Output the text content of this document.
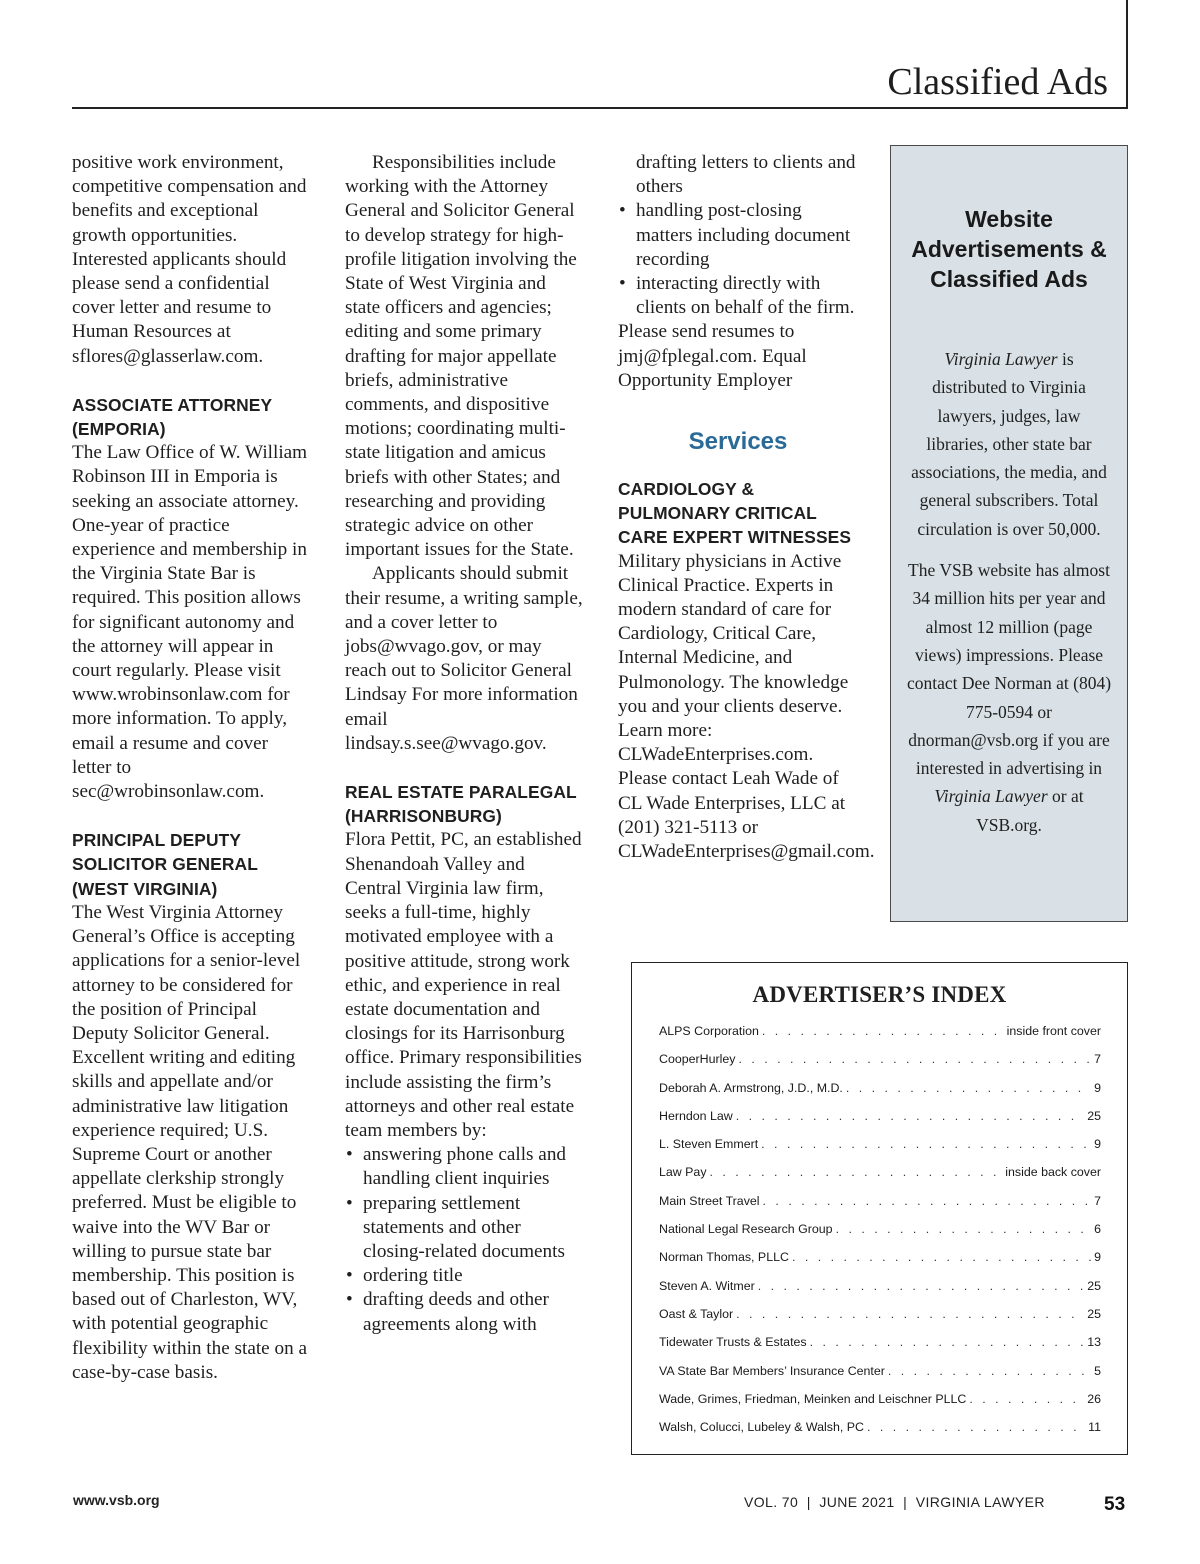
Classified Ads

positive work environment, competitive compensation and benefits and exceptional growth opportunities. Interested applicants should please send a confidential cover letter and resume to Human Resources at sflores@glasserlaw.com.

ASSOCIATE ATTORNEY (EMPORIA)

The Law Office of W. William Robinson III in Emporia is seeking an associate attorney. One-year of practice experience and membership in the Virginia State Bar is required. This position allows for significant autonomy and the attorney will appear in court regularly. Please visit www.wrobinsonlaw.com for more information. To apply, email a resume and cover letter to sec@wrobinsonlaw.com.

PRINCIPAL DEPUTY SOLICITOR GENERAL (WEST VIRGINIA)

The West Virginia Attorney General’s Office is accepting applications for a senior-level attorney to be considered for the position of Principal Deputy Solicitor General. Excellent writing and editing skills and appellate and/or administrative law litigation experience required; U.S. Supreme Court or another appellate clerkship strongly preferred. Must be eligible to waive into the WV Bar or willing to pursue state bar membership. This position is based out of Charleston, WV, with potential geographic flexibility within the state on a case-by-case basis.

Responsibilities include working with the Attorney General and Solicitor General to develop strategy for high-profile litigation involving the State of West Virginia and state officers and agencies; editing and some primary drafting for major appellate briefs, administrative comments, and dispositive motions; coordinating multi-state litigation and amicus briefs with other States; and researching and providing strategic advice on other important issues for the State.

Applicants should submit their resume, a writing sample, and a cover letter to jobs@wvago.gov, or may reach out to Solicitor General Lindsay For more information email lindsay.s.see@wvago.gov.

REAL ESTATE PARALEGAL (HARRISONBURG)

Flora Pettit, PC, an established Shenandoah Valley and Central Virginia law firm, seeks a full-time, highly motivated employee with a positive attitude, strong work ethic, and experience in real estate documentation and closings for its Harrisonburg office. Primary responsibilities include assisting the firm’s attorneys and other real estate team members by:

• answering phone calls and handling client inquiries
• preparing settlement statements and other closing-related documents
• ordering title
• drafting deeds and other agreements along with

drafting letters to clients and others

• handling post-closing matters including document recording
• interacting directly with clients on behalf of the firm.

Please send resumes to jmj@fplegal.com. Equal Opportunity Employer

Services

CARDIOLOGY & PULMONARY CRITICAL CARE EXPERT WITNESSES

Military physicians in Active Clinical Practice. Experts in modern standard of care for Cardiology, Critical Care, Internal Medicine, and Pulmonology. The knowledge you and your clients deserve. Learn more: CLWadeEnterprises.com. Please contact Leah Wade of CL Wade Enterprises, LLC at (201) 321-5113 or CLWadeEnterprises@gmail.com.

Website Advertisements & Classified Ads

Virginia Lawyer is distributed to Virginia lawyers, judges, law libraries, other state bar associations, the media, and general subscribers. Total circulation is over 50,000.

The VSB website has almost 34 million hits per year and almost 12 million (page views) impressions. Please contact Dee Norman at (804) 775-0594 or dnorman@vsb.org if you are interested in advertising in Virginia Lawyer or at VSB.org.

ADVERTISER’S INDEX
ALPS Corporation . . .	inside front cover
CooperHurley . . .	7
Deborah A. Armstrong, J.D., M.D. . . .	9
Herndon Law . . .	25
L. Steven Emmert . . .	9
Law Pay . . .	inside back cover
Main Street Travel . . .	7
National Legal Research Group . . .	6
Norman Thomas, PLLC . . .	9
Steven A. Witmer . . .	25
Oast & Taylor . . .	25
Tidewater Trusts & Estates . . .	13
VA State Bar Members’ Insurance Center . . .	5
Wade, Grimes, Friedman, Meinken and Leischner PLLC . . .	26
Walsh, Colucci, Lubeley & Walsh, PC . . .	11
www.vsb.org	VOL. 70  |  JUNE 2021  |  VIRGINIA LAWYER	53
